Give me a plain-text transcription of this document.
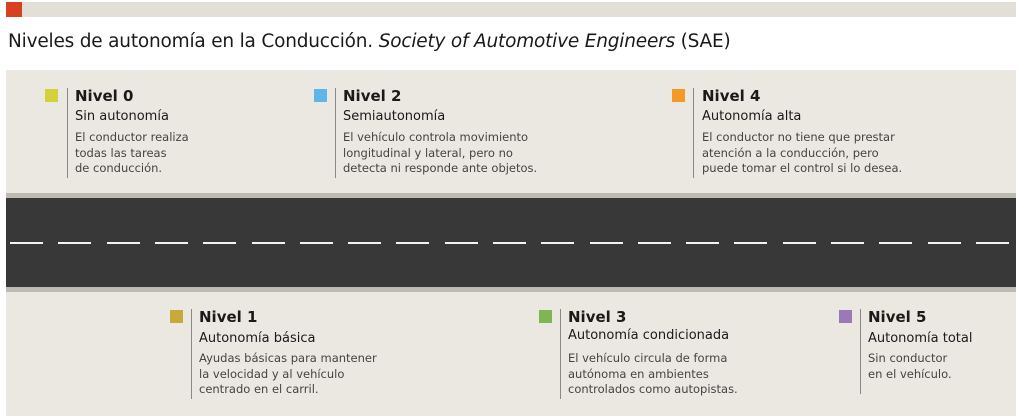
Niveles de autonomía en la Conducción. Society of Automotive Engineers (SAE)
Nivel 0
Sin autonomía
El conductor realiza
todas las tareas
de conducción.
Nivel 2
Semiautonomía
El vehículo controla movimiento
longitudinal y lateral, pero no
detecta ni responde ante objetos.
Nivel 4
Autonomía alta
El conductor no tiene que prestar
atención a la conducción, pero
puede tomar el control si lo desea.
Nivel 1
Autonomía básica
Ayudas básicas para mantener
la velocidad y al vehículo
centrado en el carril.
Nivel 3
Autonomía condicionada
El vehículo circula de forma
autónoma en ambientes
controlados como autopistas.
Nivel 5
Autonomía total
Sin conductor
en el vehículo.
